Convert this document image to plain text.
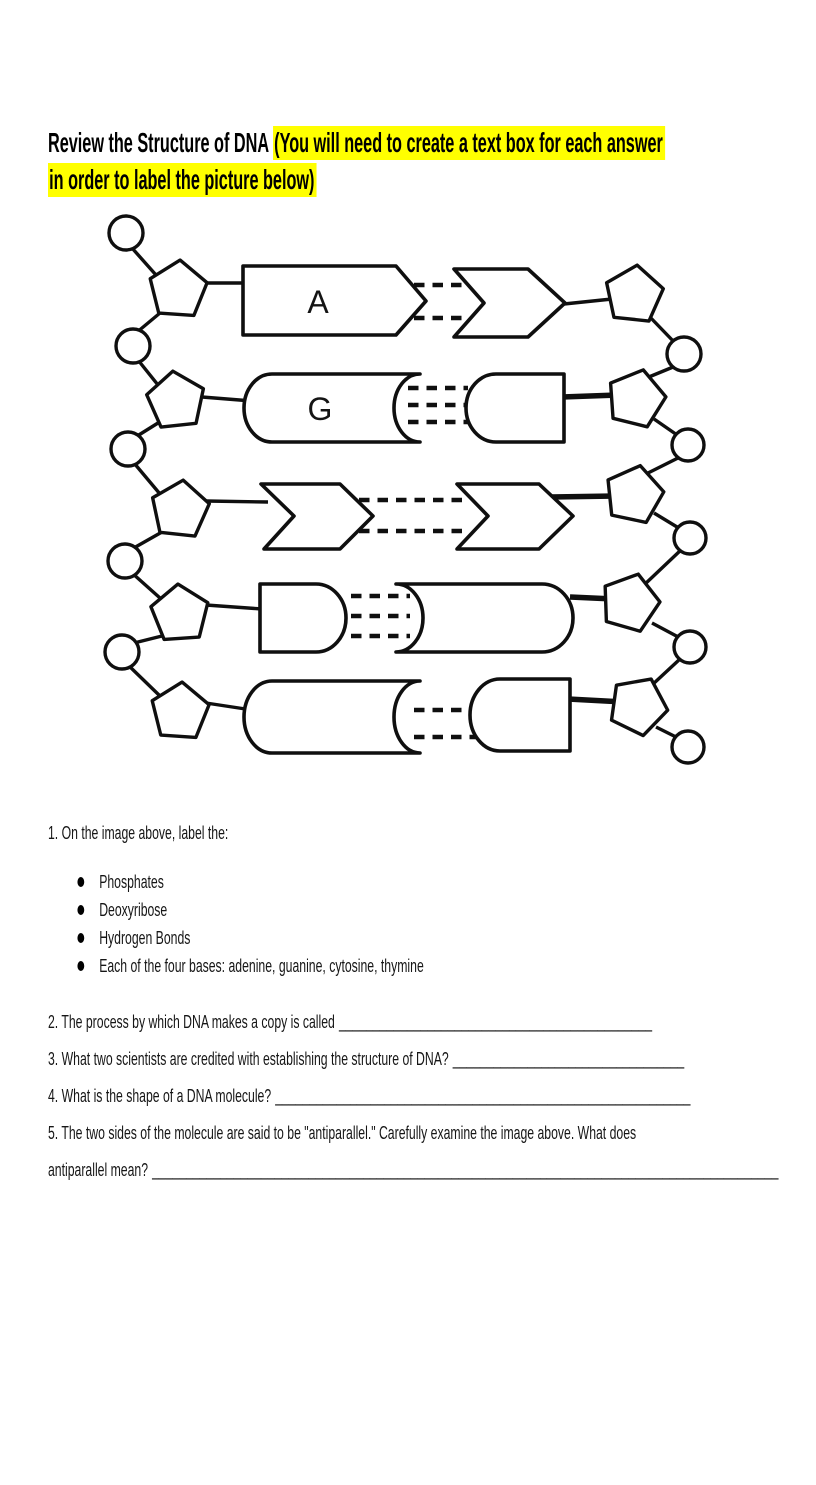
Review the Structure of DNA (You will need to create a text box for each answer
in order to label the picture below)
A
G
1. On the image above, label the:
Phosphates
Deoxyribose
Hydrogen Bonds
Each of the four bases: adenine, guanine, cytosine, thymine
2. The process by which DNA makes a copy is called ______________________________________________
3. What two scientists are credited with establishing the structure of DNA? __________________________________
4. What is the shape of a DNA molecule? _____________________________________________________________
5. The two sides of the molecule are said to be "antiparallel." Carefully examine the image above. What does
antiparallel mean? ____________________________________________________________________________________________
